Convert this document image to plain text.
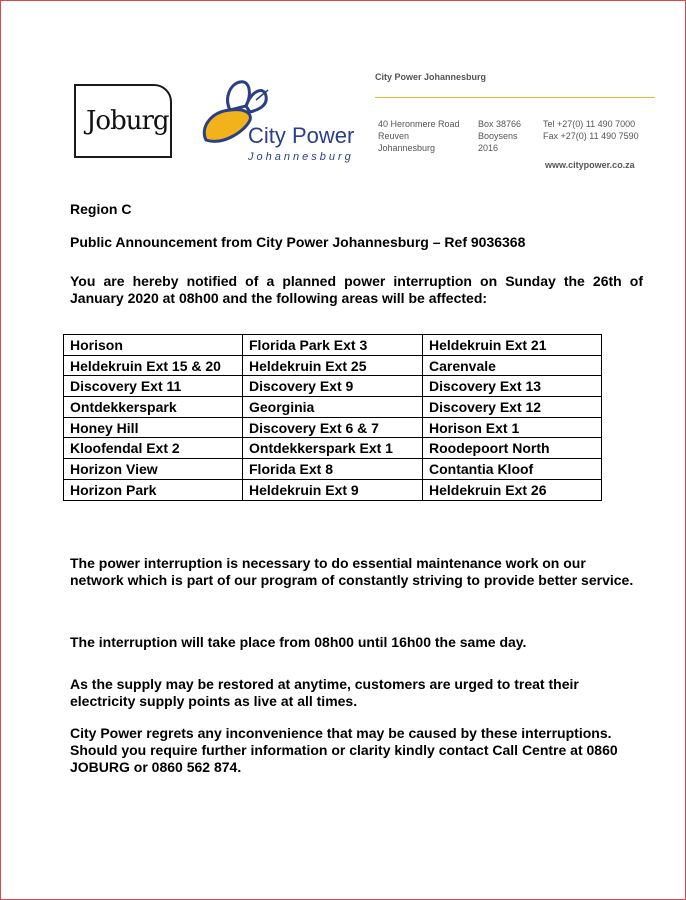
Joburg	City Power
Johannesburg
City Power Johannesburg
40 Heronmere Road
Reuven
Johannesburg
Box 38766
Booysens
2016
Tel +27(0) 11 490 7000
Fax +27(0) 11 490 7590
www.citypower.co.za
Region C
Public Announcement from City Power Johannesburg – Ref 9036368
You are hereby notified of a planned power interruption on Sunday the 26th of January 2020 at 08h00 and the following areas will be affected:
Horison	Florida Park Ext 3	Heldekruin Ext 21
Heldekruin Ext 15 & 20	Heldekruin Ext 25	Carenvale
Discovery Ext 11	Discovery Ext 9	Discovery Ext 13
Ontdekkerspark	Georginia	Discovery Ext 12
Honey Hill	Discovery Ext 6 & 7	Horison Ext 1
Kloofendal Ext 2	Ontdekkerspark Ext 1	Roodepoort North
Horizon View	Florida Ext 8	Contantia Kloof
Horizon Park	Heldekruin Ext 9	Heldekruin Ext 26
The power interruption is necessary to do essential maintenance work on our network which is part of our program of constantly striving to provide better service.
The interruption will take place from 08h00 until 16h00 the same day.
As the supply may be restored at anytime, customers are urged to treat their electricity supply points as live at all times.
City Power regrets any inconvenience that may be caused by these interruptions. Should you require further information or clarity kindly contact Call Centre at 0860 JOBURG or 0860 562 874.
